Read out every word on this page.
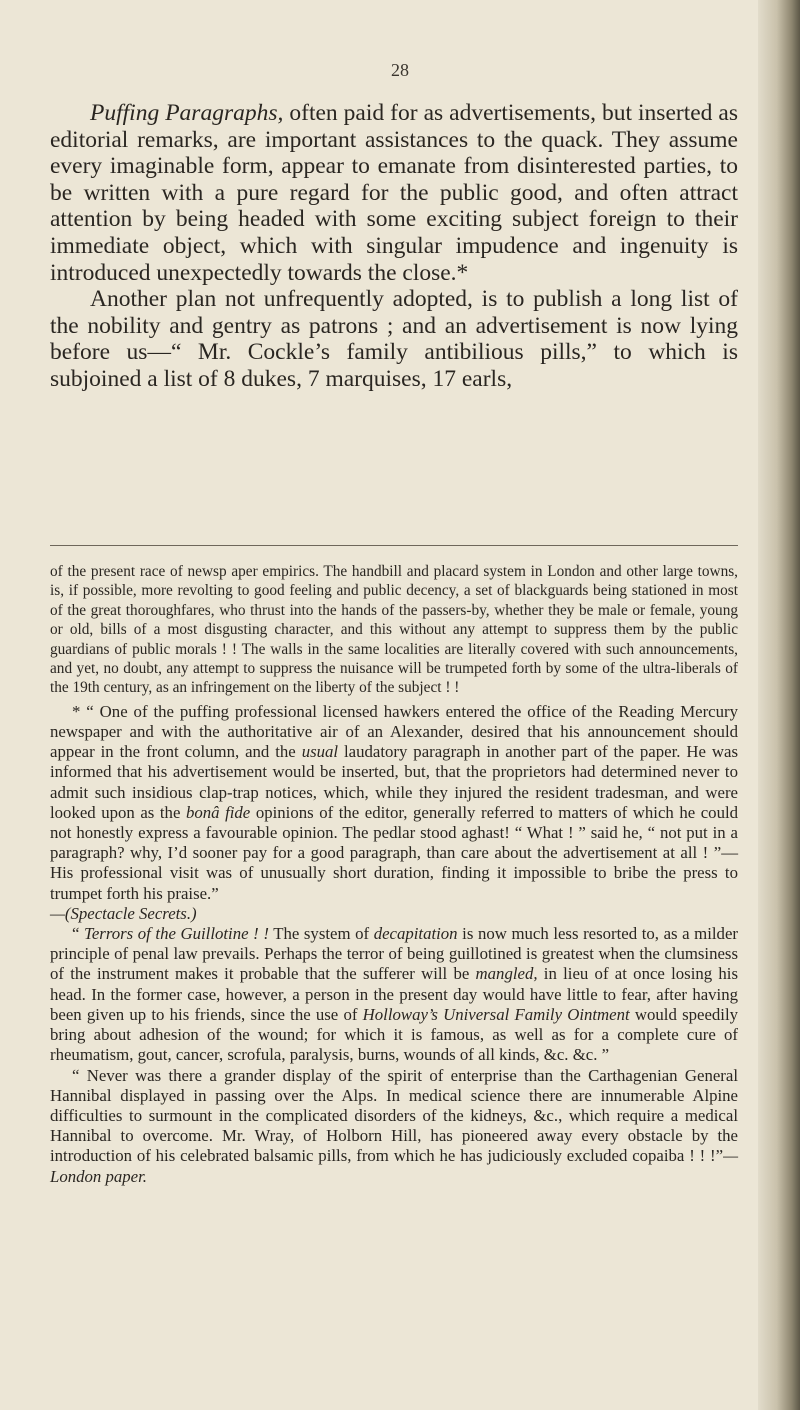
28

Puffing Paragraphs, often paid for as advertisements, but inserted as editorial remarks, are important assistances to the quack. They assume every imaginable form, appear to emanate from disinterested parties, to be written with a pure regard for the public good, and often attract attention by being headed with some exciting subject foreign to their immediate object, which with singular impudence and ingenuity is introduced unexpectedly towards the close.*

Another plan not unfrequently adopted, is to publish a long list of the nobility and gentry as patrons ; and an advertisement is now lying before us—“ Mr. Cockle’s family antibilious pills,” to which is subjoined a list of 8 dukes, 7 marquises, 17 earls,

of the present race of newsp aper empirics. The handbill and placard system in London and other large towns, is, if possible, more revolting to good feeling and public decency, a set of blackguards being stationed in most of the great thoroughfares, who thrust into the hands of the passers-by, whether they be male or female, young or old, bills of a most disgusting character, and this without any attempt to suppress them by the public guardians of public morals ! ! The walls in the same localities are literally covered with such announcements, and yet, no doubt, any attempt to suppress the nuisance will be trumpeted forth by some of the ultra-liberals of the 19th century, as an infringement on the liberty of the subject ! !

* “ One of the puffing professional licensed hawkers entered the office of the Reading Mercury newspaper and with the authoritative air of an Alexander, desired that his announcement should appear in the front column, and the usual laudatory paragraph in another part of the paper. He was informed that his advertisement would be inserted, but, that the proprietors had determined never to admit such insidious clap-trap notices, which, while they injured the resident tradesman, and were looked upon as the bonâ fide opinions of the editor, generally referred to matters of which he could not honestly express a favourable opinion. The pedlar stood aghast! “ What ! ” said he, “ not put in a paragraph? why, I’d sooner pay for a good paragraph, than care about the advertisement at all ! ”—His professional visit was of unusually short duration, finding it impossible to bribe the press to trumpet forth his praise.”

—(Spectacle Secrets.)

“ Terrors of the Guillotine ! ! The system of decapitation is now much less resorted to, as a milder principle of penal law prevails. Perhaps the terror of being guillotined is greatest when the clumsiness of the instrument makes it probable that the sufferer will be mangled, in lieu of at once losing his head. In the former case, however, a person in the present day would have little to fear, after having been given up to his friends, since the use of Holloway’s Universal Family Ointment would speedily bring about adhesion of the wound; for which it is famous, as well as for a complete cure of rheumatism, gout, cancer, scrofula, paralysis, burns, wounds of all kinds, &c. &c. ”

“ Never was there a grander display of the spirit of enterprise than the Carthagenian General Hannibal displayed in passing over the Alps. In medical science there are innumerable Alpine difficulties to surmount in the complicated disorders of the kidneys, &c., which require a medical Hannibal to overcome. Mr. Wray, of Holborn Hill, has pioneered away every obstacle by the introduction of his celebrated balsamic pills, from which he has judiciously excluded copaiba ! ! !”—London paper.
